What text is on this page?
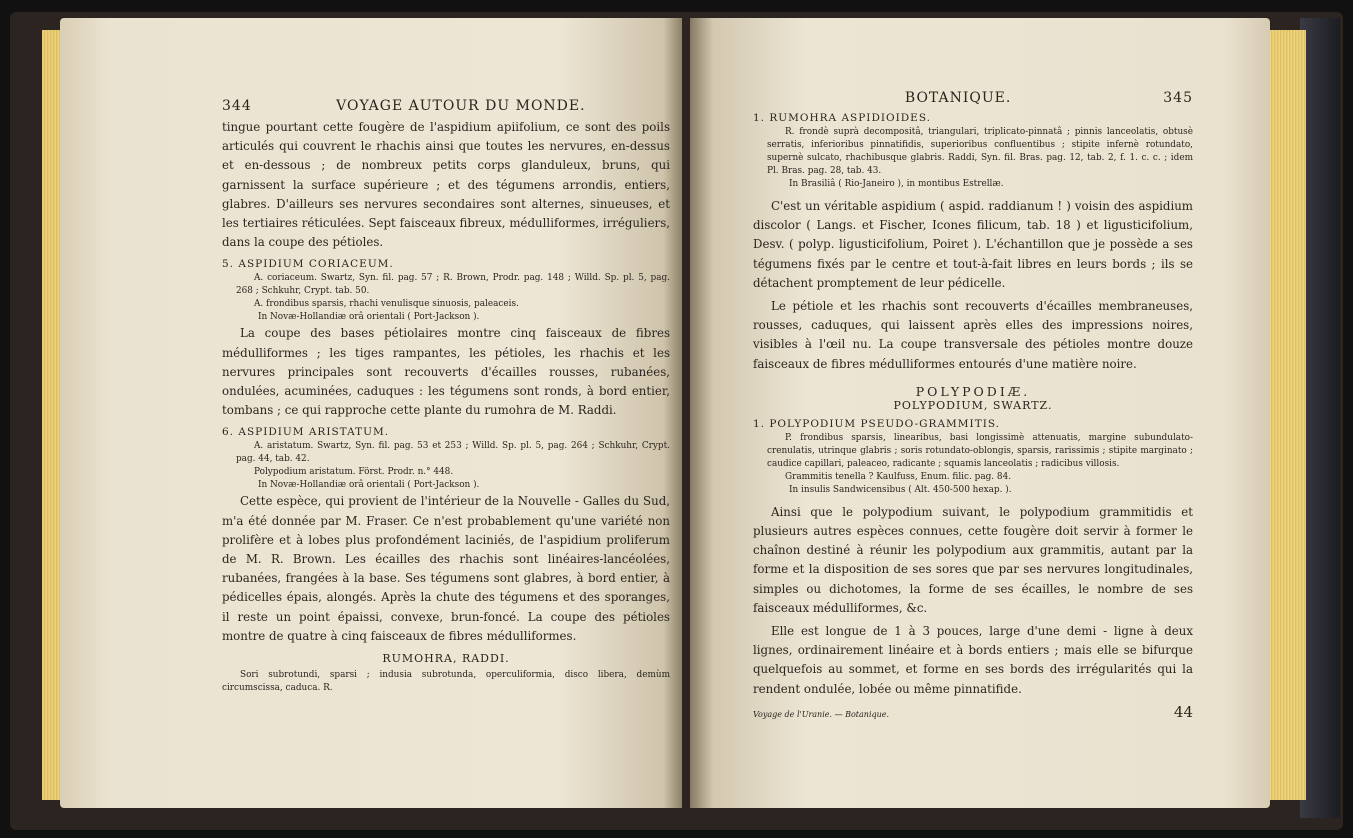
344	VOYAGE AUTOUR DU MONDE.

tingue pourtant cette fougère de l'aspidium apiifolium, ce sont des poils articulés qui couvrent le rhachis ainsi que toutes les nervures, en-dessus et en-dessous ; de nombreux petits corps glanduleux, bruns, qui garnissent la surface supérieure ; et des tégumens arrondis, entiers, glabres. D'ailleurs ses nervures secondaires sont alternes, sinueuses, et les tertiaires réticulées. Sept faisceaux fibreux, médulliformes, irréguliers, dans la coupe des pétioles.

5. ASPIDIUM CORIACEUM.

A. coriaceum. Swartz, Syn. fil. pag. 57 ; R. Brown, Prodr. pag. 148 ; Willd. Sp. pl. 5, pag. 268 ; Schkuhr, Crypt. tab. 50.

A. frondibus sparsis, rhachi venulisque sinuosis, paleaceis.

In Novæ-Hollandiæ orâ orientali ( Port-Jackson ).

La coupe des bases pétiolaires montre cinq faisceaux de fibres médulliformes ; les tiges rampantes, les pétioles, les rhachis et les nervures principales sont recouverts d'écailles rousses, rubanées, ondulées, acuminées, caduques : les tégumens sont ronds, à bord entier, tombans ; ce qui rapproche cette plante du rumohra de M. Raddi.

6. ASPIDIUM ARISTATUM.

A. aristatum. Swartz, Syn. fil. pag. 53 et 253 ; Willd. Sp. pl. 5, pag. 264 ; Schkuhr, Crypt. pag. 44, tab. 42.

Polypodium aristatum. Först. Prodr. n.° 448.

In Novæ-Hollandiæ orâ orientali ( Port-Jackson ).

Cette espèce, qui provient de l'intérieur de la Nouvelle - Galles du Sud, m'a été donnée par M. Fraser. Ce n'est probablement qu'une variété non prolifère et à lobes plus profondément laciniés, de l'aspidium proliferum de M. R. Brown. Les écailles des rhachis sont linéaires-lancéolées, rubanées, frangées à la base. Ses tégumens sont glabres, à bord entier, à pédicelles épais, alongés. Après la chute des tégumens et des sporanges, il reste un point épaissi, convexe, brun-foncé. La coupe des pétioles montre de quatre à cinq faisceaux de fibres médulliformes.

RUMOHRA, RADDI.

Sori subrotundi, sparsi ; indusia subrotunda, operculiformia, disco libera, demùm circumscissa, caduca. R.

BOTANIQUE.	345
1. RUMOHRA ASPIDIOIDES.

R. frondè suprà decompositâ, triangulari, triplicato-pinnatâ ; pinnis lanceolatis, obtusè serratis, inferioribus pinnatifidis, superioribus confluentibus ; stipite infernè rotundato, supernè sulcato, rhachibusque glabris. Raddi, Syn. fil. Bras. pag. 12, tab. 2, f. 1. c. c. ; idem Pl. Bras. pag. 28, tab. 43.

In Brasiliâ ( Rio-Janeiro ), in montibus Estrellæ.

C'est un véritable aspidium ( aspid. raddianum ! ) voisin des aspidium discolor ( Langs. et Fischer, Icones filicum, tab. 18 ) et ligusticifolium, Desv. ( polyp. ligusticifolium, Poiret ). L'échantillon que je possède a ses tégumens fixés par le centre et tout-à-fait libres en leurs bords ; ils se détachent promptement de leur pédicelle.

Le pétiole et les rhachis sont recouverts d'écailles membraneuses, rousses, caduques, qui laissent après elles des impressions noires, visibles à l'œil nu. La coupe transversale des pétioles montre douze faisceaux de fibres médulliformes entourés d'une matière noire.

POLYPODIÆ.
POLYPODIUM, SWARTZ.
1. POLYPODIUM PSEUDO-GRAMMITIS.

P. frondibus sparsis, linearibus, basi longissimè attenuatis, margine subundulato-crenulatis, utrinque glabris ; soris rotundato-oblongis, sparsis, rarissimis ; stipite marginato ; caudice capillari, paleaceo, radicante ; squamis lanceolatis ; radicibus villosis.

Grammitis tenella ? Kaulfuss, Enum. filic. pag. 84.

In insulis Sandwicensibus ( Alt. 450-500 hexap. ).

Ainsi que le polypodium suivant, le polypodium grammitidis et plusieurs autres espèces connues, cette fougère doit servir à former le chaînon destiné à réunir les polypodium aux grammitis, autant par la forme et la disposition de ses sores que par ses nervures longitudinales, simples ou dichotomes, la forme de ses écailles, le nombre de ses faisceaux médulliformes, &c.

Elle est longue de 1 à 3 pouces, large d'une demi - ligne à deux lignes, ordinairement linéaire et à bords entiers ; mais elle se bifurque quelquefois au sommet, et forme en ses bords des irrégularités qui la rendent ondulée, lobée ou même pinnatifide.

Voyage de l'Uranie. — Botanique.	44
